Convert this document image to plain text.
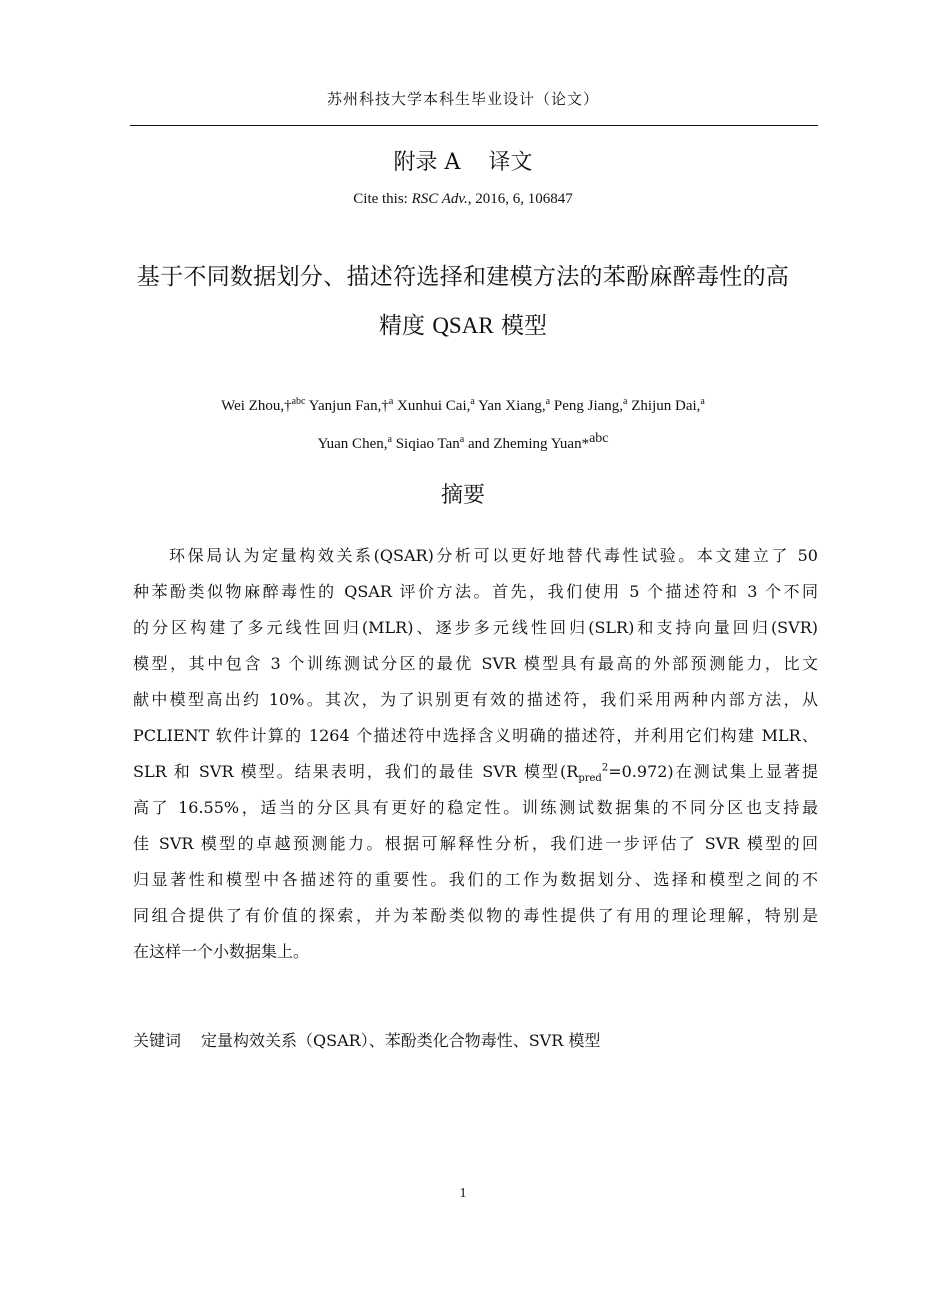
苏州科技大学本科生毕业设计（论文）
附录 A 译文
Cite this: RSC Adv., 2016, 6, 106847
基于不同数据划分、描述符选择和建模方法的苯酚麻醉毒性的高
精度 QSAR 模型
Wei Zhou,†$^{abc}$ Yanjun Fan,†$^a$ Xunhui Cai,$^a$ Yan Xiang,$^a$ Peng Jiang,$^a$ Zhijun Dai,$^a$
Yuan Chen,$^a$ Siqiao Tan$^a$ and Zheming Yuan*$^{abc}$
摘要
环保局认为定量构效关系(QSAR)分析可以更好地替代毒性试验。本文建立了 50
种苯酚类似物麻醉毒性的 QSAR 评价方法。首先，我们使用 5 个描述符和 3 个不同
的分区构建了多元线性回归(MLR)、逐步多元线性回归(SLR)和支持向量回归(SVR)
模型，其中包含 3 个训练测试分区的最优 SVR 模型具有最高的外部预测能力，比文
献中模型高出约 10%。其次，为了识别更有效的描述符，我们采用两种内部方法，从
PCLIENT 软件计算的 1264 个描述符中选择含义明确的描述符，并利用它们构建 MLR、
SLR 和 SVR 模型。结果表明，我们的最佳 SVR 模型$(R_{pred}^2=0.972)$在测试集上显著提
高了 16.55%，适当的分区具有更好的稳定性。训练测试数据集的不同分区也支持最
佳 SVR 模型的卓越预测能力。根据可解释性分析，我们进一步评估了 SVR 模型的回
归显著性和模型中各描述符的重要性。我们的工作为数据划分、选择和模型之间的不
同组合提供了有价值的探索，并为苯酚类似物的毒性提供了有用的理论理解，特别是
在这样一个小数据集上。
关键词 定量构效关系（QSAR）、苯酚类化合物毒性、SVR 模型
1
